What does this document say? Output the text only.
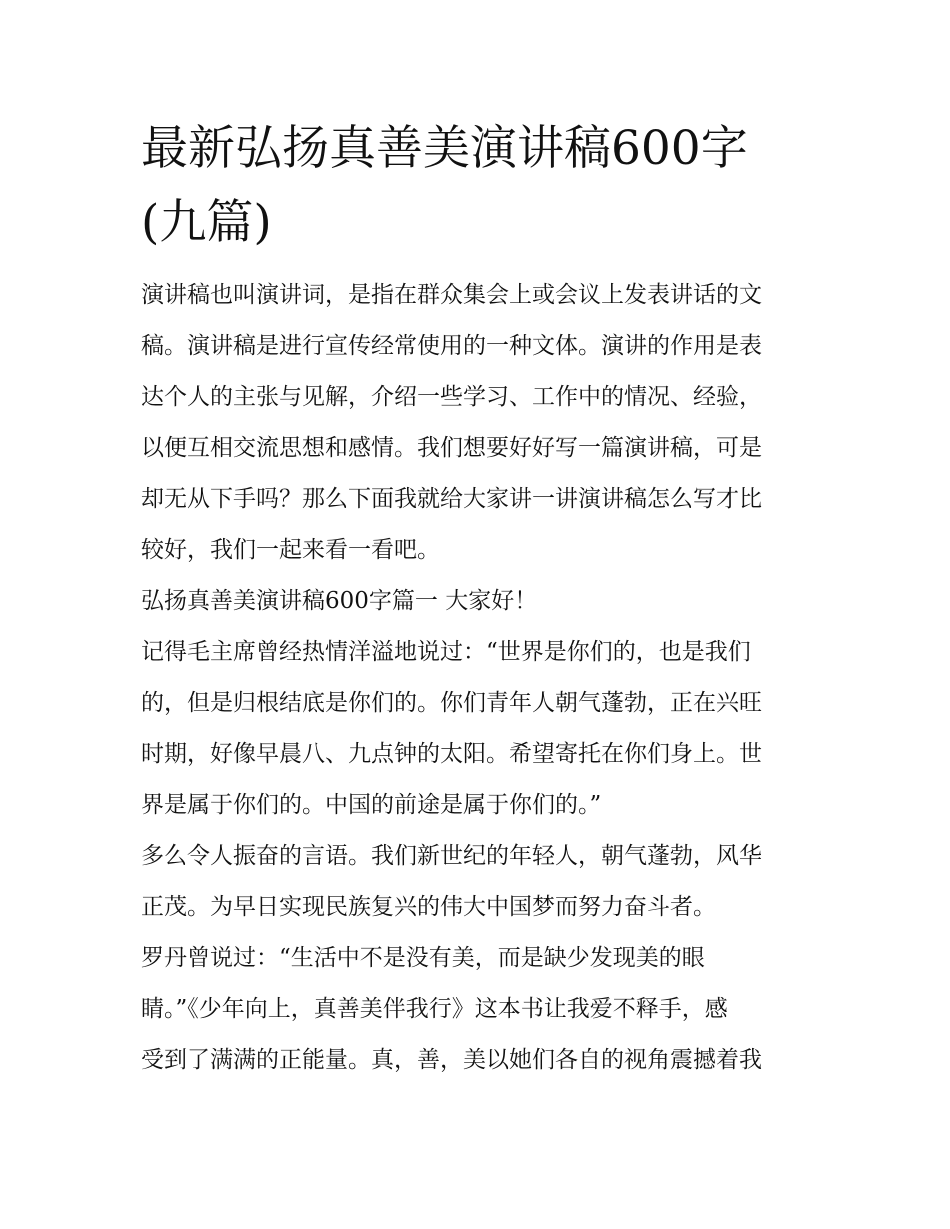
最新弘扬真善美演讲稿600字
(九篇)

演讲稿也叫演讲词，是指在群众集会上或会议上发表讲话的文
稿。演讲稿是进行宣传经常使用的一种文体。演讲的作用是表
达个人的主张与见解，介绍一些学习、工作中的情况、经验，
以便互相交流思想和感情。我们想要好好写一篇演讲稿，可是
却无从下手吗？那么下面我就给大家讲一讲演讲稿怎么写才比
较好，我们一起来看一看吧。

弘扬真善美演讲稿600字篇一 大家好！

记得毛主席曾经热情洋溢地说过：“世界是你们的，也是我们
的，但是归根结底是你们的。你们青年人朝气蓬勃，正在兴旺
时期，好像早晨八、九点钟的太阳。希望寄托在你们身上。世
界是属于你们的。中国的前途是属于你们的。”

多么令人振奋的言语。我们新世纪的年轻人，朝气蓬勃，风华
正茂。为早日实现民族复兴的伟大中国梦而努力奋斗者。

罗丹曾说过：“生活中不是没有美，而是缺少发现美的眼
睛。”《少年向上，真善美伴我行》这本书让我爱不释手，感
受到了满满的正能量。真，善，美以她们各自的视角震撼着我
